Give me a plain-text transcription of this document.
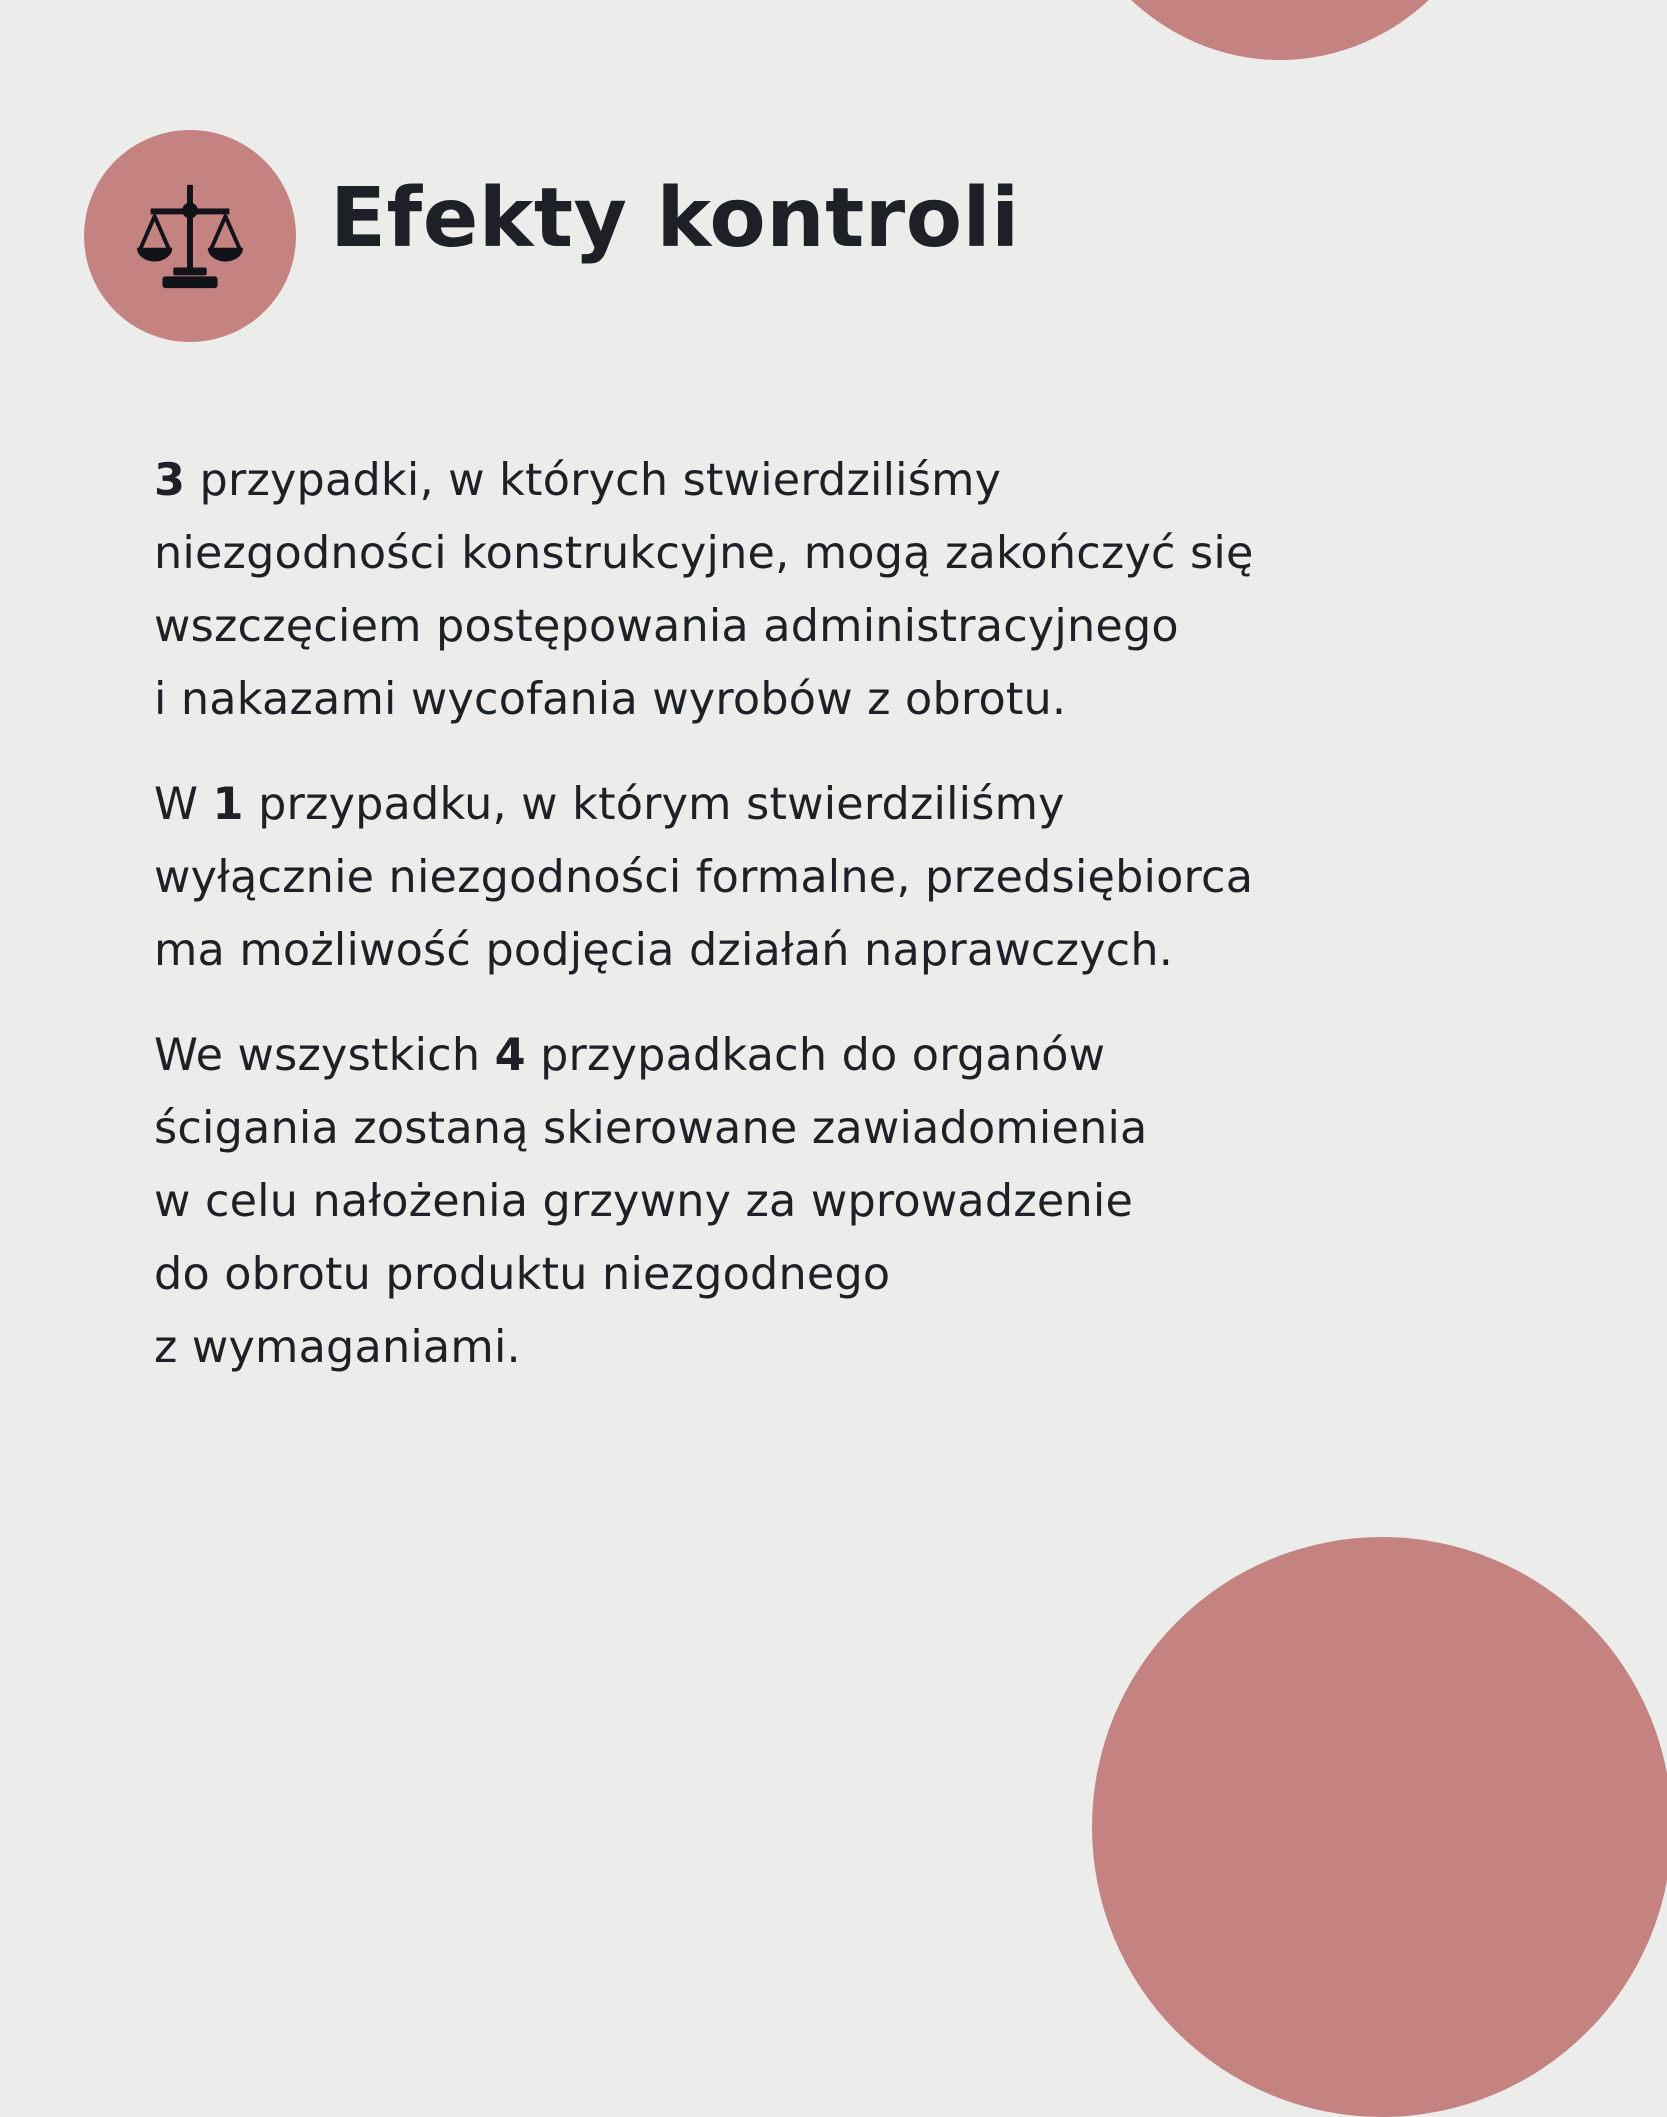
Efekty kontroli

3 przypadki, w których stwierdziliśmy
niezgodności konstrukcyjne, mogą zakończyć się
wszczęciem postępowania administracyjnego
i nakazami wycofania wyrobów z obrotu.

W 1 przypadku, w którym stwierdziliśmy
wyłącznie niezgodności formalne, przedsiębiorca
ma możliwość podjęcia działań naprawczych.

We wszystkich 4 przypadkach do organów
ścigania zostaną skierowane zawiadomienia
w celu nałożenia grzywny za wprowadzenie
do obrotu produktu niezgodnego
z wymaganiami.
